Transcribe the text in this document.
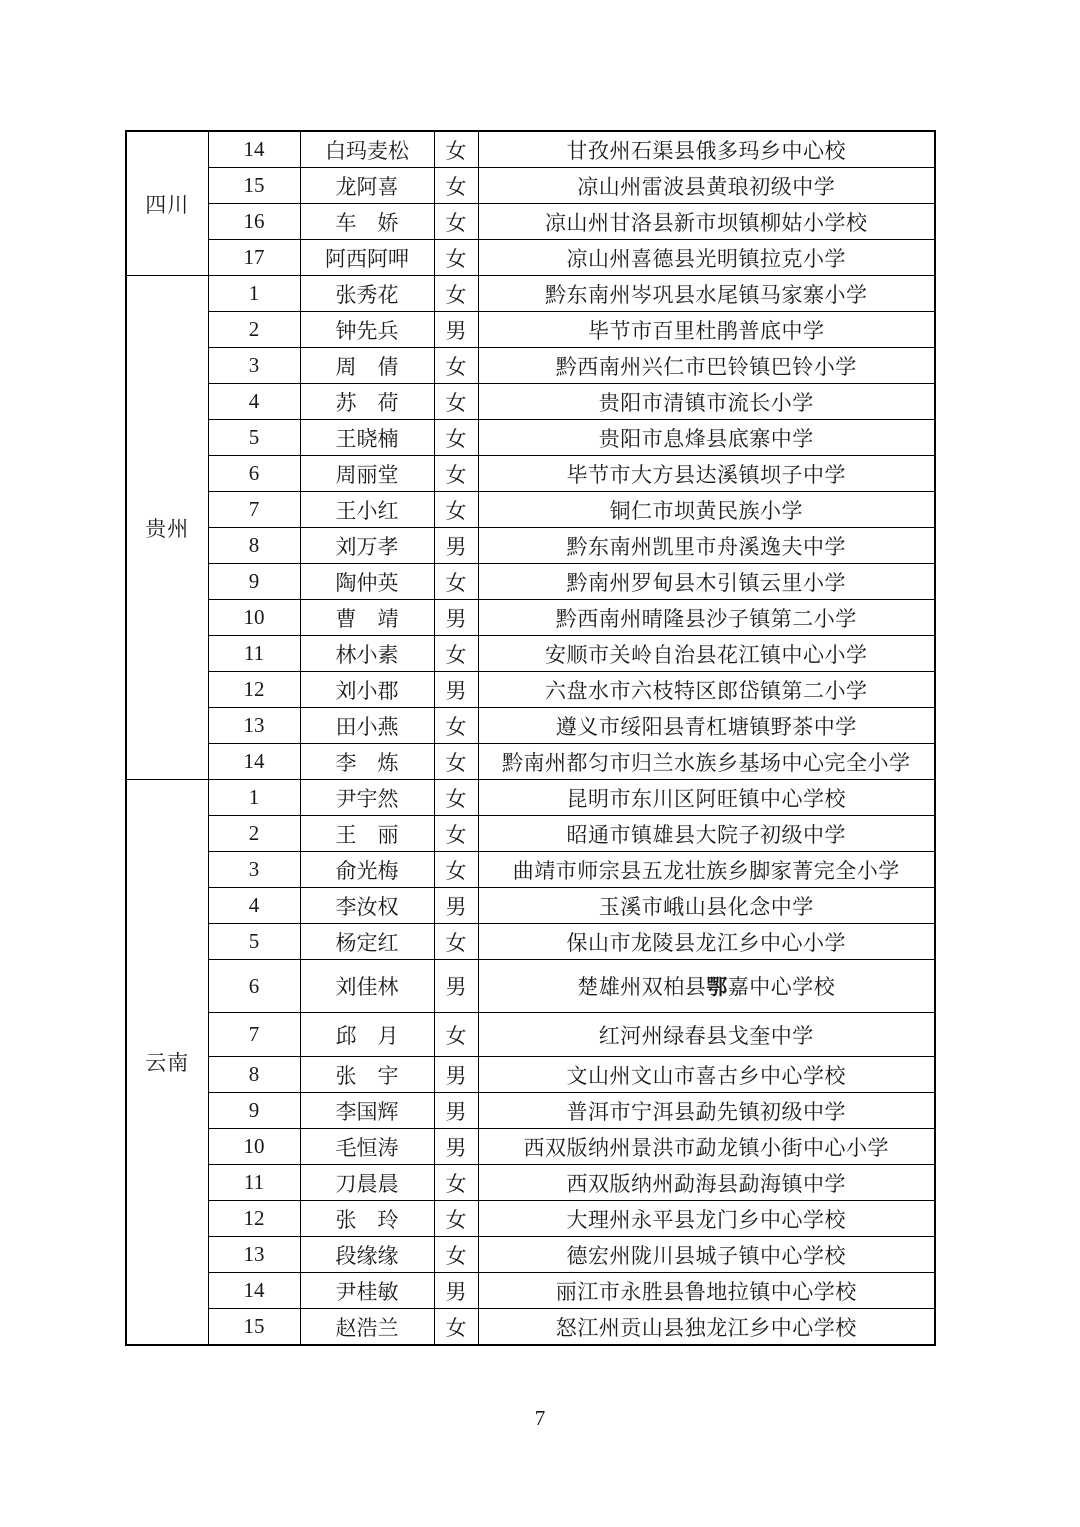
四川	14	白玛麦松	女	甘孜州石渠县俄多玛乡中心校
	15	龙阿喜	女	凉山州雷波县黄琅初级中学
	16	车　娇	女	凉山州甘洛县新市坝镇柳姑小学校
	17	阿西阿呷	女	凉山州喜德县光明镇拉克小学
贵州	1	张秀花	女	黔东南州岑巩县水尾镇马家寨小学
	2	钟先兵	男	毕节市百里杜鹃普底中学
	3	周　倩	女	黔西南州兴仁市巴铃镇巴铃小学
	4	苏　荷	女	贵阳市清镇市流长小学
	5	王晓楠	女	贵阳市息烽县底寨中学
	6	周丽堂	女	毕节市大方县达溪镇坝子中学
	7	王小红	女	铜仁市坝黄民族小学
	8	刘万孝	男	黔东南州凯里市舟溪逸夫中学
	9	陶仲英	女	黔南州罗甸县木引镇云里小学
	10	曹　靖	男	黔西南州晴隆县沙子镇第二小学
	11	林小素	女	安顺市关岭自治县花江镇中心小学
	12	刘小郡	男	六盘水市六枝特区郎岱镇第二小学
	13	田小燕	女	遵义市绥阳县青杠塘镇野茶中学
	14	李　炼	女	黔南州都匀市归兰水族乡基场中心完全小学
云南	1	尹宇然	女	昆明市东川区阿旺镇中心学校
	2	王　丽	女	昭通市镇雄县大院子初级中学
	3	俞光梅	女	曲靖市师宗县五龙壮族乡脚家菁完全小学
	4	李汝权	男	玉溪市峨山县化念中学
	5	杨定红	女	保山市龙陵县龙江乡中心小学
	6	刘佳林	男	楚雄州双柏县鄂嘉中心学校
	7	邱　月	女	红河州绿春县戈奎中学
	8	张　宇	男	文山州文山市喜古乡中心学校
	9	李国辉	男	普洱市宁洱县勐先镇初级中学
	10	毛恒涛	男	西双版纳州景洪市勐龙镇小街中心小学
	11	刀晨晨	女	西双版纳州勐海县勐海镇中学
	12	张　玲	女	大理州永平县龙门乡中心学校
	13	段缘缘	女	德宏州陇川县城子镇中心学校
	14	尹桂敏	男	丽江市永胜县鲁地拉镇中心学校
	15	赵浩兰	女	怒江州贡山县独龙江乡中心学校
7
